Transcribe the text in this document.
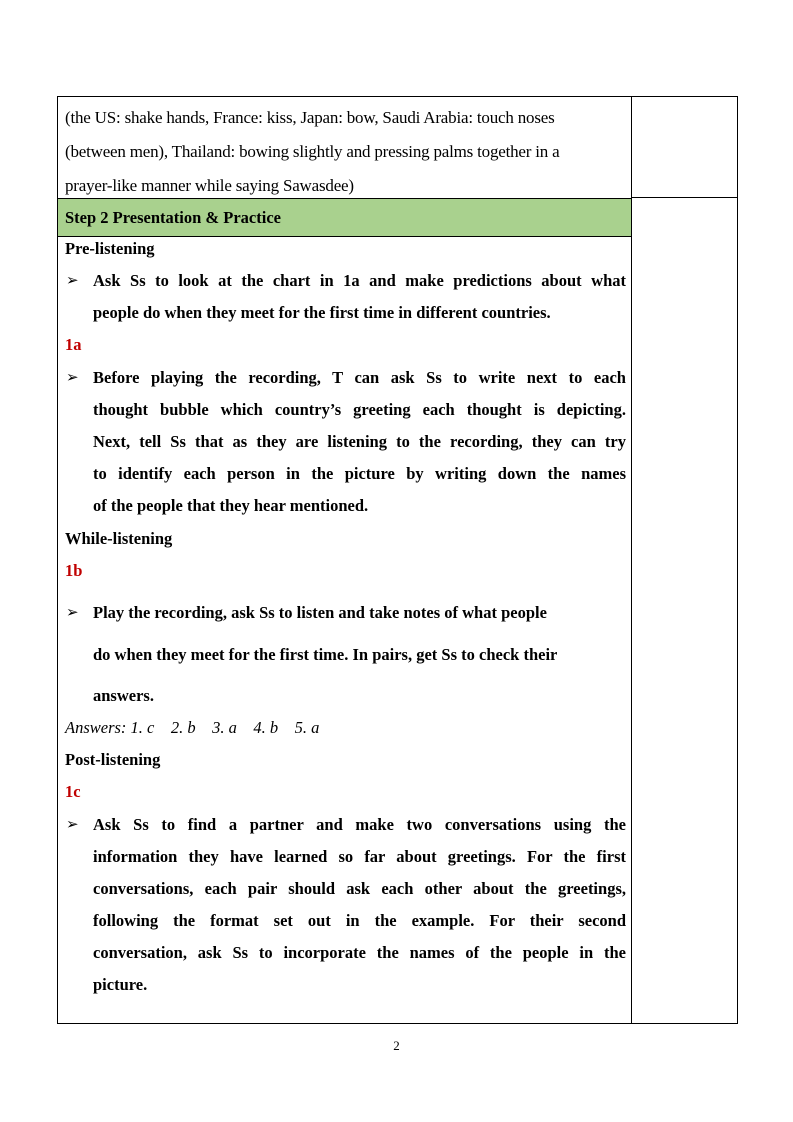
(the US: shake hands, France: kiss, Japan: bow, Saudi Arabia: touch noses

(between men), Thailand: bowing slightly and pressing palms together in a

prayer-like manner while saying Sawasdee)

Step 2 Presentation & Practice
Pre-listening
➢ Ask Ss to look at the chart in 1a and make predictions about what
people do when they meet for the first time in different countries.
1a
➢ Before playing the recording, T can ask Ss to write next to each
thought bubble which country’s greeting each thought is depicting.
Next, tell Ss that as they are listening to the recording, they can try
to identify each person in the picture by writing down the names
of the people that they hear mentioned.
While-listening
1b
➢ Play the recording, ask Ss to listen and take notes of what people
do when they meet for the first time. In pairs, get Ss to check their
answers.
Answers: 1. c    2. b    3. a    4. b    5. a
Post-listening
1c
➢ Ask Ss to find a partner and make two conversations using the
information they have learned so far about greetings. For the first
conversations, each pair should ask each other about the greetings,
following the format set out in the example. For their second
conversation, ask Ss to incorporate the names of the people in the
picture.
2
